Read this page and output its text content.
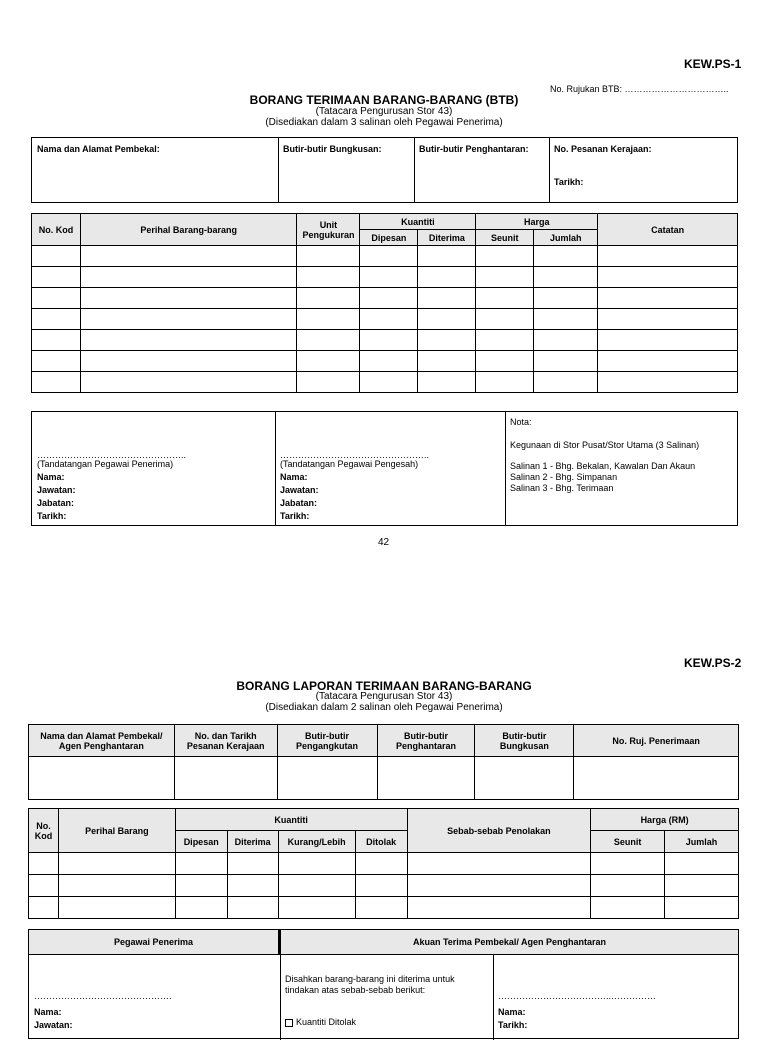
KEW.PS-1
No. Rujukan BTB: ……………………………..
BORANG TERIMAAN BARANG-BARANG (BTB)
(Tatacara Pengurusan Stor 43)
(Disediakan dalam 3 salinan oleh Pegawai Penerima)
Nama dan Alamat Pembekal:	Butir-butir Bungkusan:	Butir-butir Penghantaran:	No. Pesanan Kerajaan:
Tarikh:
No. Kod	Perihal Barang-barang	Unit Pengukuran	Kuantiti		Harga		Catatan
			Dipesan	Diterima	Seunit	Jumlah	

…………………………………………..
(Tandatangan Pegawai Penerima)
Nama:
Jawatan:
Jabatan:
Tarikh:
…………………………………………..
(Tandatangan Pegawai Pengesah)
Nama:
Jawatan:
Jabatan:
Tarikh:
Nota:
Kegunaan di Stor Pusat/Stor Utama (3 Salinan)
Salinan 1 - Bhg. Bekalan, Kawalan Dan Akaun
Salinan 2 - Bhg. Simpanan
Salinan 3 - Bhg. Terimaan
42
KEW.PS-2
BORANG LAPORAN TERIMAAN BARANG-BARANG
(Tatacara Pengurusan Stor 43)
(Disediakan dalam 2 salinan oleh Pegawai Penerima)
Nama dan Alamat Pembekal/ Agen Penghantaran	No. dan Tarikh Pesanan Kerajaan	Butir-butir Pengangkutan	Butir-butir Penghantaran	Butir-butir Bungkusan	No. Ruj. Penerimaan

No. Kod	Perihal Barang	Kuantiti				Sebab-sebab Penolakan	Harga (RM)	
		Dipesan	Diterima	Kurang/Lebih	Ditolak		Seunit	Jumlah

Pegawai Penerima	Akuan Terima Pembekal/ Agen Penghantaran
……………………………………….
Nama:
Jawatan:
Disahkan barang-barang ini diterima untuk tindakan atas sebab-sebab berikut:
Kuantiti Ditolak
………………………………..……………
Nama:
Tarikh:
